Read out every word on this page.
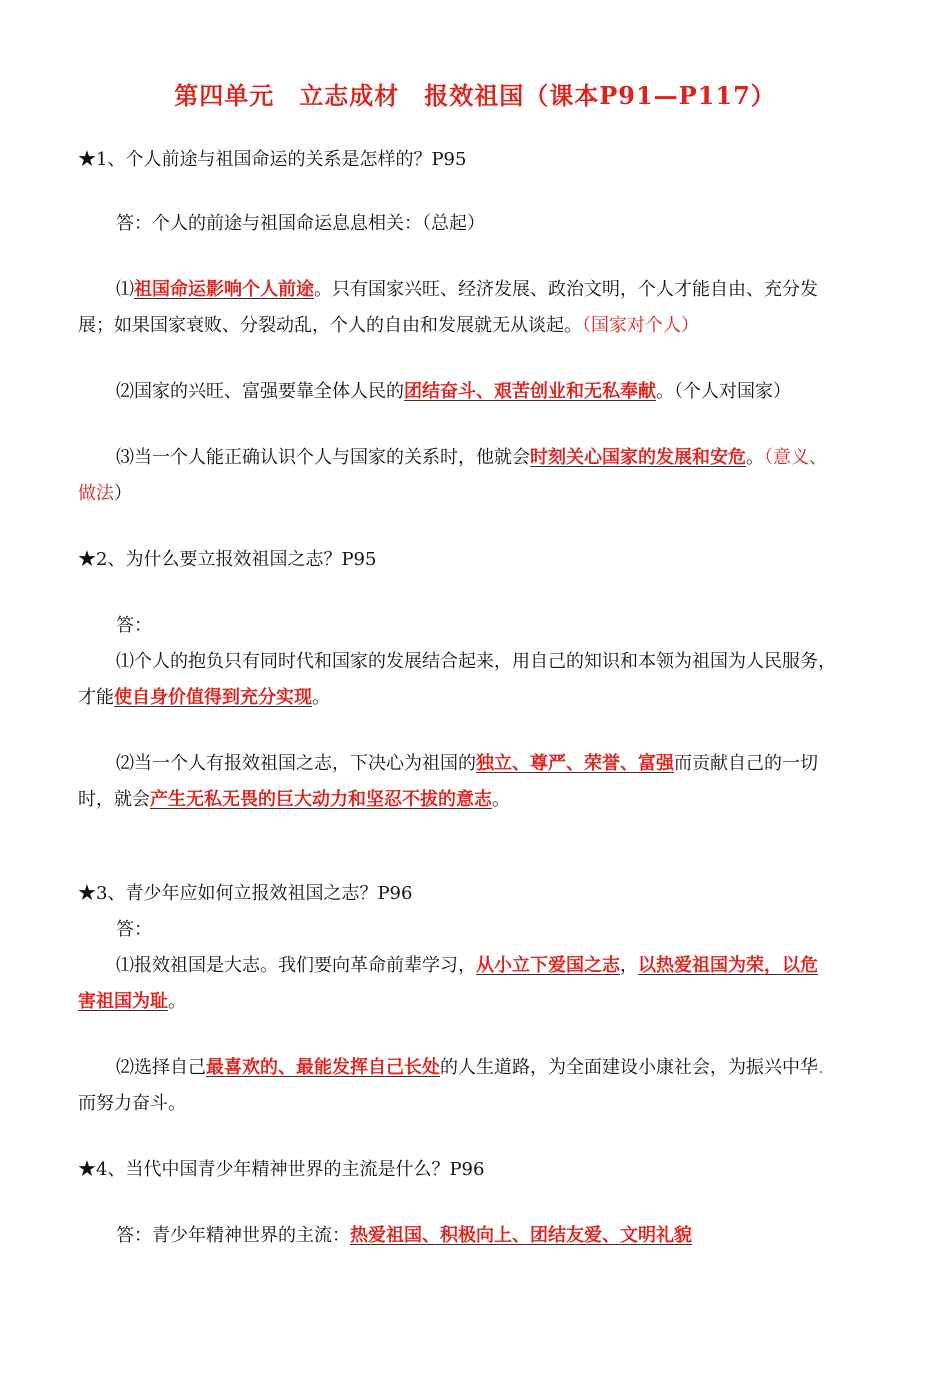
第四单元　立志成材　报效祖国（课本P91—P117）
★1、个人前途与祖国命运的关系是怎样的？P95
答：个人的前途与祖国命运息息相关：（总起）
⑴祖国命运影响个人前途。只有国家兴旺、经济发展、政治文明，个人才能自由、充分发
展；如果国家衰败、分裂动乱，个人的自由和发展就无从谈起。（国家对个人）
⑵国家的兴旺、富强要靠全体人民的团结奋斗、艰苦创业和无私奉献。（个人对国家）
⑶当一个人能正确认识个人与国家的关系时，他就会时刻关心国家的发展和安危。（意义、
做法）
★2、为什么要立报效祖国之志？P95
答：
⑴个人的抱负只有同时代和国家的发展结合起来，用自己的知识和本领为祖国为人民服务，
才能使自身价值得到充分实现。
⑵当一个人有报效祖国之志，下决心为祖国的独立、尊严、荣誉、富强而贡献自己的一切
时，就会产生无私无畏的巨大动力和坚忍不拔的意志。
★3、青少年应如何立报效祖国之志？P96
答：
⑴报效祖国是大志。我们要向革命前辈学习，从小立下爱国之志，以热爱祖国为荣，以危
害祖国为耻。
⑵选择自己最喜欢的、最能发挥自己长处的人生道路，为全面建设小康社会，为振兴中华.
而努力奋斗。
★4、当代中国青少年精神世界的主流是什么？P96
答：青少年精神世界的主流：热爱祖国、积极向上、团结友爱、文明礼貌
